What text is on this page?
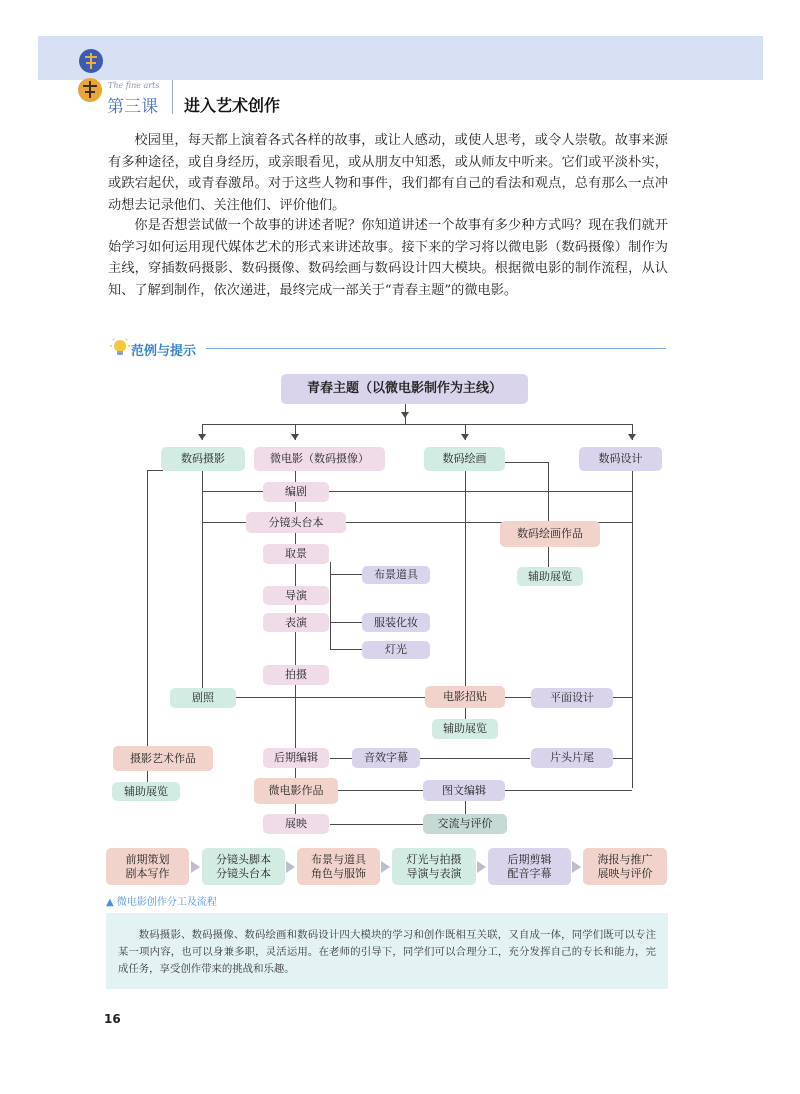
The fine arts
第三课 进入艺术创作

校园里，每天都上演着各式各样的故事，或让人感动，或使人思考，或令人崇敬。故事来源有多种途径，或自身经历，或亲眼看见，或从朋友中知悉，或从师友中听来。它们或平淡朴实，或跌宕起伏，或青春激昂。对于这些人物和事件，我们都有自己的看法和观点，总有那么一点冲动想去记录他们、关注他们、评价他们。

你是否想尝试做一个故事的讲述者呢？你知道讲述一个故事有多少种方式吗？现在我们就开始学习如何运用现代媒体艺术的形式来讲述故事。接下来的学习将以微电影（数码摄像）制作为主线，穿插数码摄影、数码摄像、数码绘画与数码设计四大模块。根据微电影的制作流程，从认知、了解到制作，依次递进，最终完成一部关于“青春主题”的微电影。

范例与提示
青春主题（以微电影制作为主线）
数码摄影	微电影（数码摄像）	数码绘画	数码设计
编剧
分镜头台本
取景
布景道具
导演
表演	服装化妆
灯光
拍摄
数码绘画作品
辅助展览
剧照	电影招贴	平面设计
辅助展览
摄影艺术作品
辅助展览
后期编辑	音效字幕	片头片尾
微电影作品	图文编辑
展映	交流与评价
前期策划
剧本写作
分镜头脚本
分镜头台本
布景与道具
角色与服饰
灯光与拍摄
导演与表演
后期剪辑
配音字幕
海报与推广
展映与评价
▲ 微电影创作分工及流程
数码摄影、数码摄像、数码绘画和数码设计四大模块的学习和创作既相互关联，又自成一体，同学们既可以专注某一项内容，也可以身兼多职，灵活运用。在老师的引导下，同学们可以合理分工，充分发挥自己的专长和能力，完成任务，享受创作带来的挑战和乐趣。
16
